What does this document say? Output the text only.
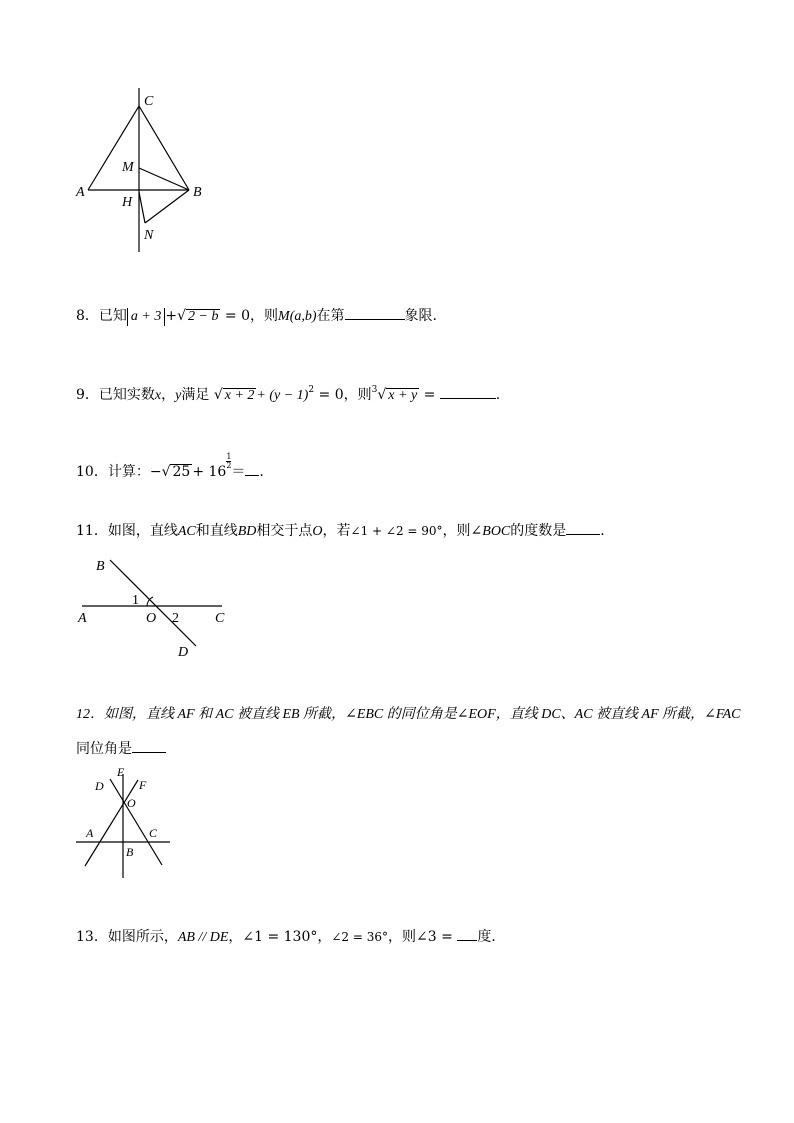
C
M
A
H
B
N
8．已知 a + 3 +√ 2 − b = 0，则M(a,b)在第	象限.
9．已知实数x，y满足 √ $x + 2 + (y - 1)^2 = 0$，则$^3$√ x + y =	.
10．计算：−√ 25 + 16
$\frac{1}{2}$
＝ .
11．如图，直线AC和直线BD相交于点O，若∠1 + ∠2 = 90°，则∠BOC的度数是 .
B
1
A	O 2	C
D
12．如图，直线 AF 和 AC 被直线 EB 所截，∠EBC 的同位角是∠EOF，直线 DC、AC 被直线 AF 所截，∠FAC
同位角是
E
D	F
O
A	C
B
13．如图所示，AB // DE，∠1 = 130°，∠2 = 36°，则∠3 = 度.
